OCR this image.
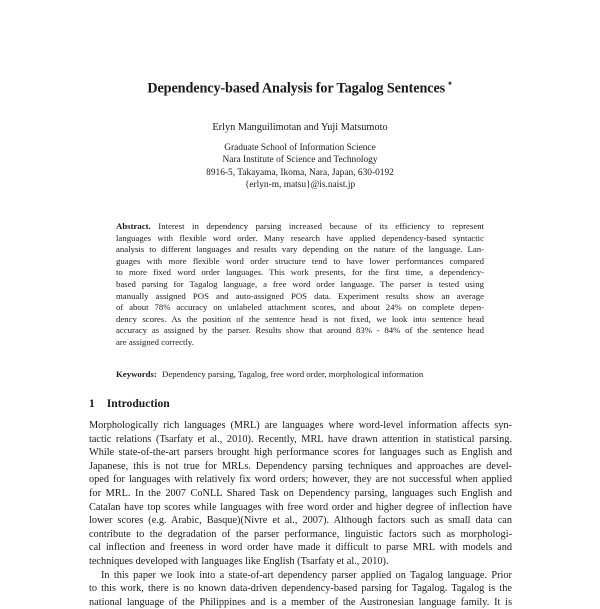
Dependency-based Analysis for Tagalog Sentences ⋆
Erlyn Manguilimotan and Yuji Matsumoto
Graduate School of Information Science
Nara Institute of Science and Technology
8916-5, Takayama, Ikoma, Nara, Japan, 630-0192
{erlyn-m, matsu}@is.naist.jp
Abstract. Interest in dependency parsing increased because of its efficiency to represent
languages with flexible word order. Many research have applied dependency-based syntactic
analysis to different languages and results vary depending on the nature of the language. Lan-
guages with more flexible word order structure tend to have lower performances compared
to more fixed word order languages. This work presents, for the first time, a dependency-
based parsing for Tagalog language, a free word order language. The parser is tested using
manually assigned POS and auto-assigned POS data. Experiment results show an average
of about 78% accuracy on unlabeled attachment scores, and about 24% on complete depen-
dency scores. As the position of the sentence head is not fixed, we look into sentence head
accuracy as assigned by the parser. Results show that around 83% - 84% of the sentence head
are assigned correctly.
Keywords: Dependency parsing, Tagalog, free word order, morphological information
1 Introduction
Morphologically rich languages (MRL) are languages where word-level information affects syn-
tactic relations (Tsarfaty et al., 2010). Recently, MRL have drawn attention in statistical parsing.
While state-of-the-art parsers brought high performance scores for languages such as English and
Japanese, this is not true for MRLs. Dependency parsing techniques and approaches are devel-
oped for languages with relatively fix word orders; however, they are not successful when applied
for MRL. In the 2007 CoNLL Shared Task on Dependency parsing, languages such English and
Catalan have top scores while languages with free word order and higher degree of inflection have
lower scores (e.g. Arabic, Basque)(Nivre et al., 2007). Although factors such as small data can
contribute to the degradation of the parser performance, linguistic factors such as morphologi-
cal inflection and freeness in word order have made it difficult to parse MRL with models and
techniques developed with languages like English (Tsarfaty et al., 2010).
In this paper we look into a state-of-art dependency parser applied on Tagalog language. Prior
to this work, there is no known data-driven dependency-based parsing for Tagalog. Tagalog is the
national language of the Philippines and is a member of the Austronesian language family. It is
